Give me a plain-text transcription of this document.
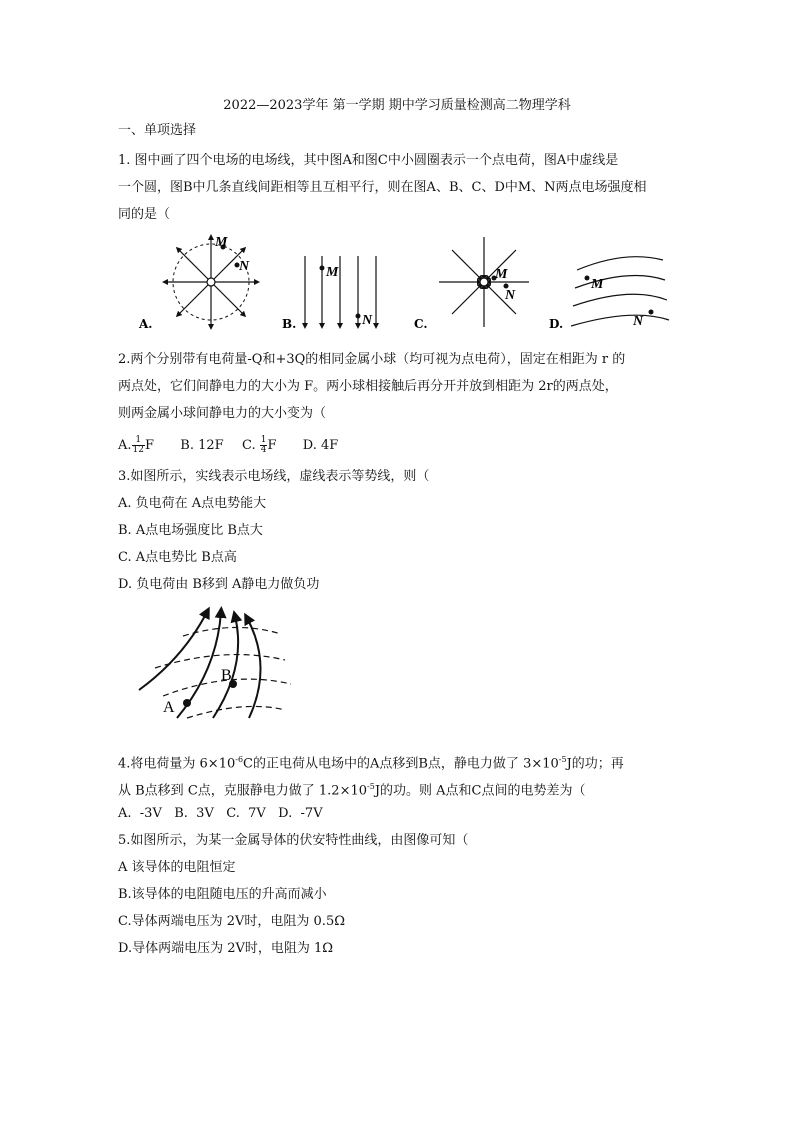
2022—2023学年 第一学期 期中学习质量检测高二物理学科
一、单项选择
1. 图中画了四个电场的电场线，其中图A和图C中小圆圈表示一个点电荷，图A中虚线是
一个圆，图B中几条直线间距相等且互相平行，则在图A、B、C、D中M、N两点电场强度相
同的是（
M
N
A.
M
N
B.
M
N
C.
M
N
D.
2.两个分别带有电荷量-Q和+3Q的相同金属小球（均可视为点电荷），固定在相距为 r 的
两点处，它们间静电力的大小为 F。两小球相接触后再分开并放到相距为 2r的两点处，
则两金属小球间静电力的大小变为（
A. $\frac{1}{12}$ F B. 12F C. $\frac{1}{4}$ F D. 4F
3.如图所示，实线表示电场线，虚线表示等势线，则（
A. 负电荷在 A点电势能大
B. A点电场强度比 B点大
C. A点电势比 B点高
D. 负电荷由 B移到 A静电力做负功
A
B
4.将电荷量为 $6\times 10^{-6}C$的正电荷从电场中的A点移到B点，静电力做了 $3\times 10^{-5}J$的功；再
从 B点移到 C点，克服静电力做了 $1.2\times 10^{-5}J$的功。则 A点和C点间的电势差为（
A.  -3V   B.  3V   C.  7V   D.  -7V
5.如图所示，为某一金属导体的伏安特性曲线，由图像可知（
A 该导体的电阻恒定
B.该导体的电阻随电压的升高而减小
C.导体两端电压为 2V时，电阻为 0.5Ω
D.导体两端电压为 2V时，电阻为 1Ω
